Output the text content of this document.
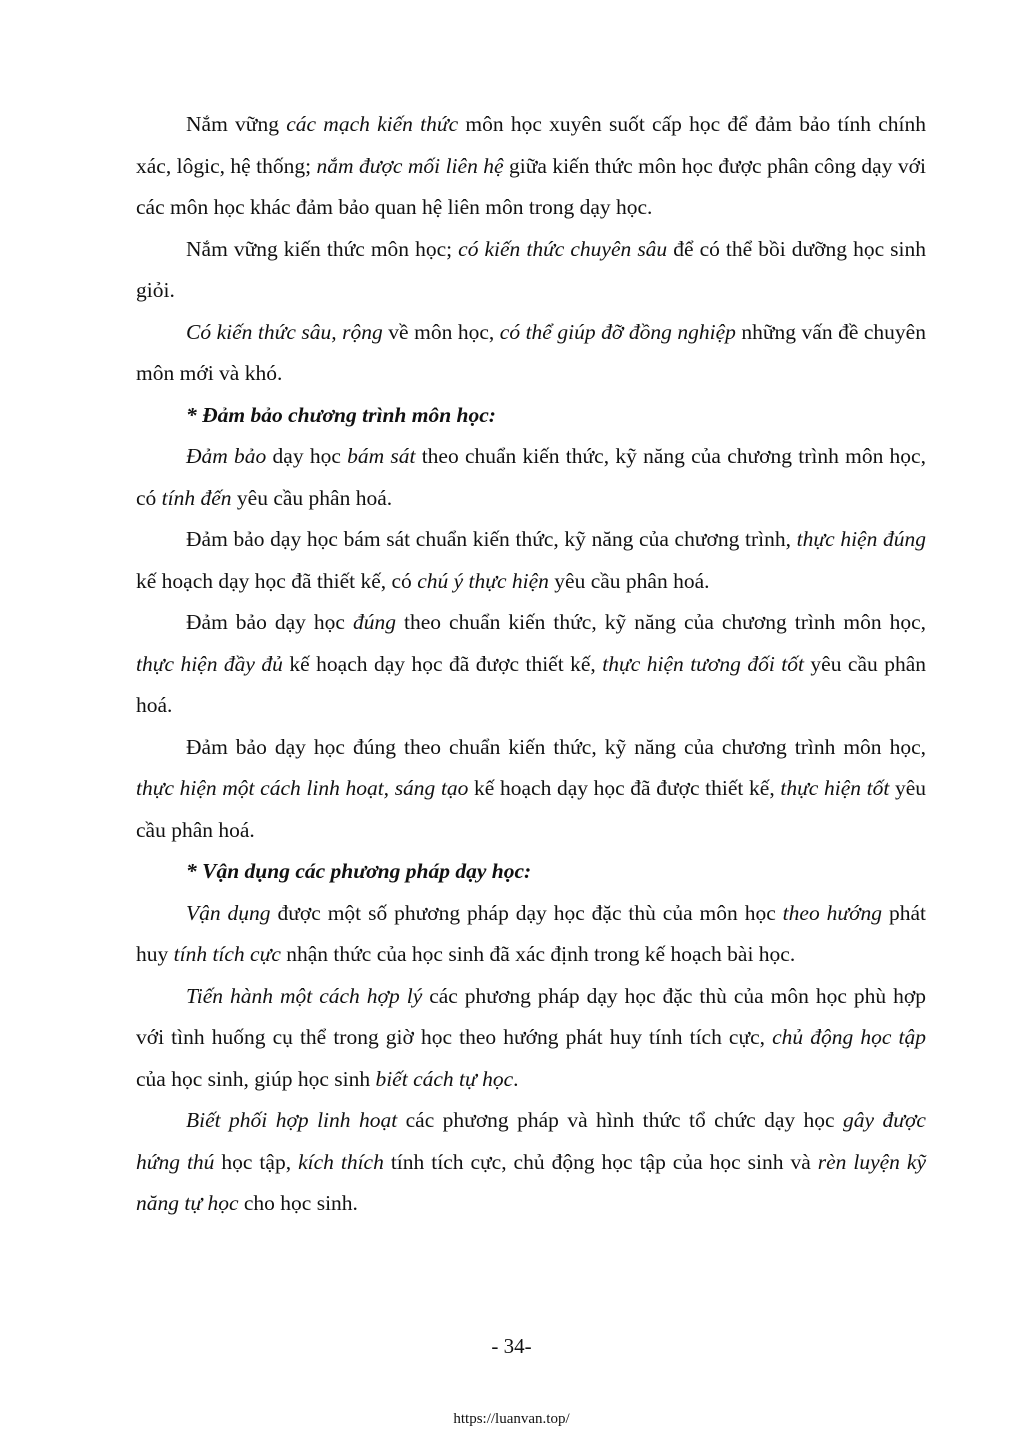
Nắm vững các mạch kiến thức môn học xuyên suốt cấp học để đảm bảo tính chính xác, lôgic, hệ thống; nắm được mối liên hệ giữa kiến thức môn học được phân công dạy với các môn học khác đảm bảo quan hệ liên môn trong dạy học.

Nắm vững kiến thức môn học; có kiến thức chuyên sâu để có thể bồi dưỡng học sinh giỏi.

Có kiến thức sâu, rộng về môn học, có thể giúp đỡ đồng nghiệp những vấn đề chuyên môn mới và khó.

* Đảm bảo chương trình môn học:

Đảm bảo dạy học bám sát theo chuẩn kiến thức, kỹ năng của chương trình môn học, có tính đến yêu cầu phân hoá.

Đảm bảo dạy học bám sát chuẩn kiến thức, kỹ năng của chương trình, thực hiện đúng kế hoạch dạy học đã thiết kế, có chú ý thực hiện yêu cầu phân hoá.

Đảm bảo dạy học đúng theo chuẩn kiến thức, kỹ năng của chương trình môn học, thực hiện đầy đủ kế hoạch dạy học đã được thiết kế, thực hiện tương đối tốt yêu cầu phân hoá.

Đảm bảo dạy học đúng theo chuẩn kiến thức, kỹ năng của chương trình môn học, thực hiện một cách linh hoạt, sáng tạo kế hoạch dạy học đã được thiết kế, thực hiện tốt yêu cầu phân hoá.

* Vận dụng các phương pháp dạy học:

Vận dụng được một số phương pháp dạy học đặc thù của môn học theo hướng phát huy tính tích cực nhận thức của học sinh đã xác định trong kế hoạch bài học.

Tiến hành một cách hợp lý các phương pháp dạy học đặc thù của môn học phù hợp với tình huống cụ thể trong giờ học theo hướng phát huy tính tích cực, chủ động học tập của học sinh, giúp học sinh biết cách tự học.

Biết phối hợp linh hoạt các phương pháp và hình thức tổ chức dạy học gây được hứng thú học tập, kích thích tính tích cực, chủ động học tập của học sinh và rèn luyện kỹ năng tự học cho học sinh.

- 34-
https://luanvan.top/
